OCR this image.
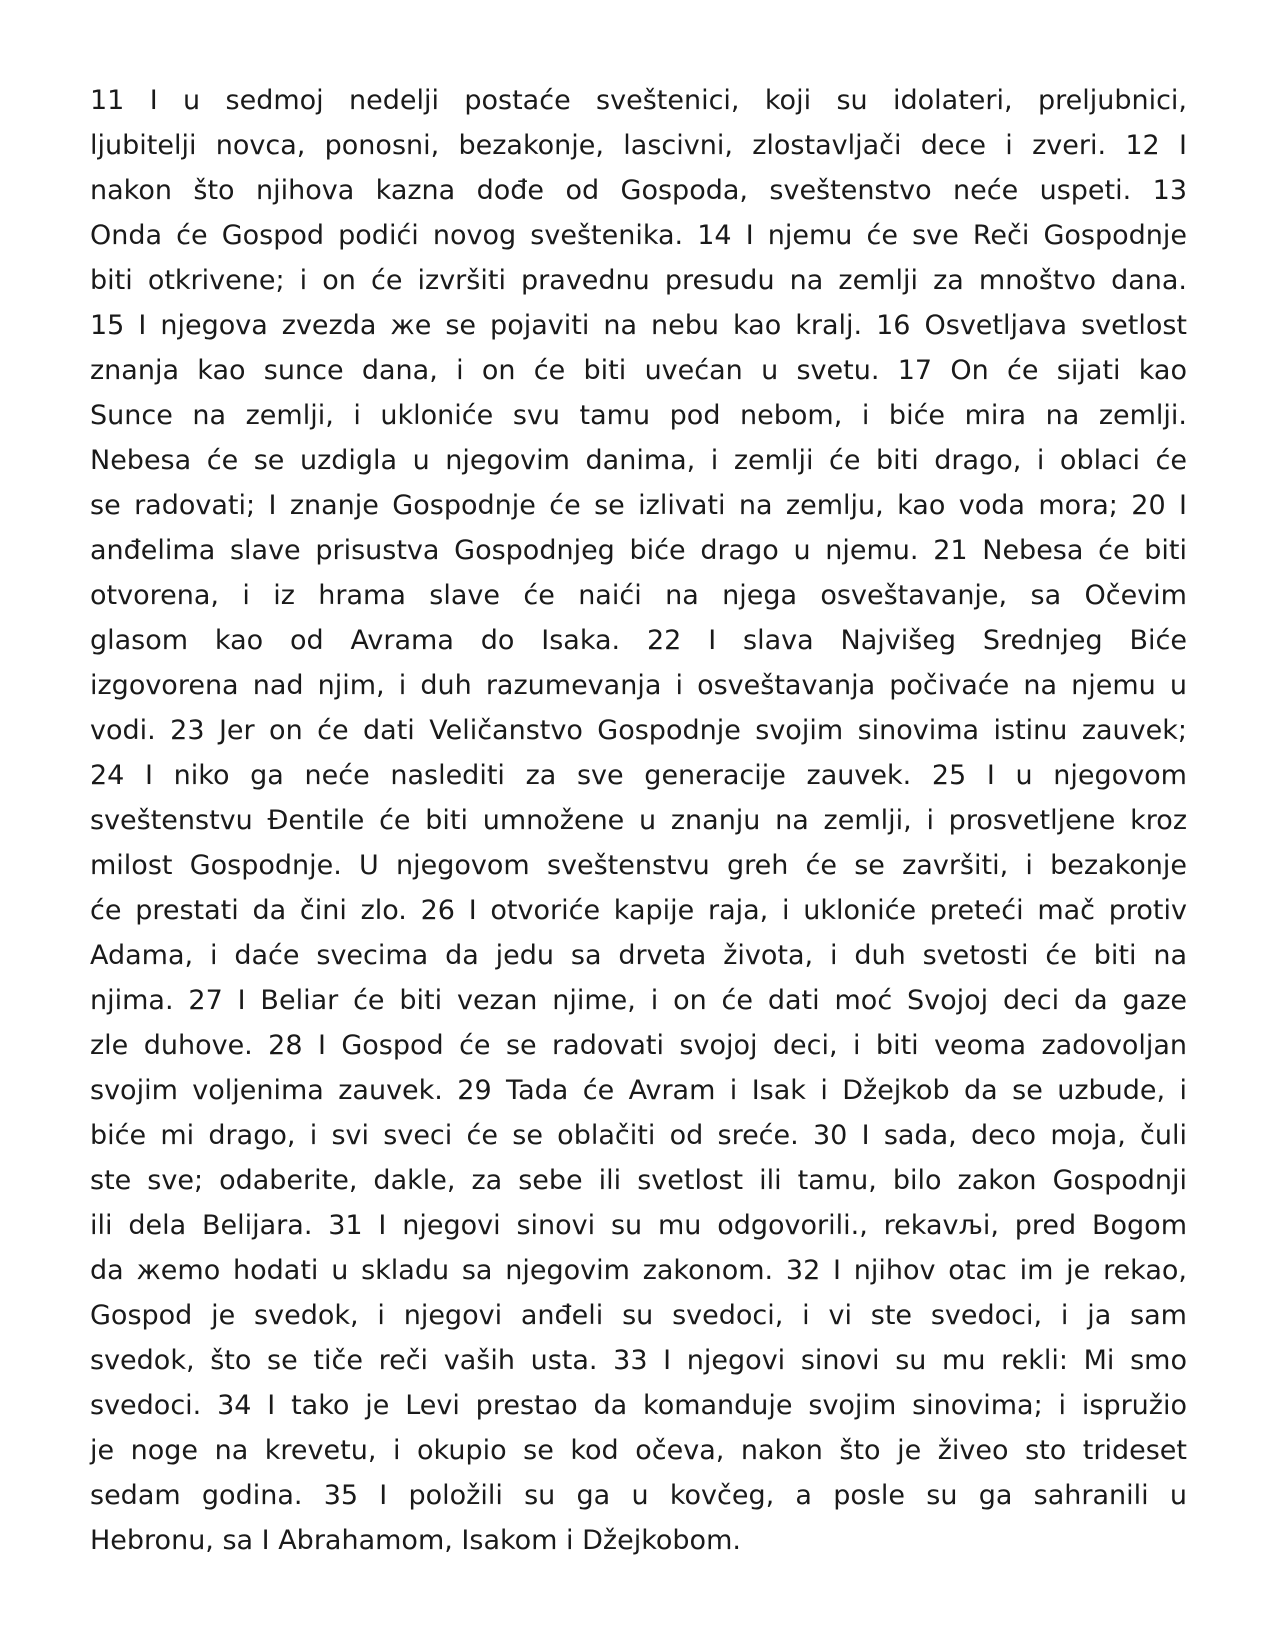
11 I u sedmoj nedelji postaće sveštenici, koji su idolateri, preljubnici,
ljubitelji novca, ponosni, bezakonje, lascivni, zlostavljači dece i zveri. 12 I
nakon što njihova kazna dođe od Gospoda, sveštenstvo neće uspeti. 13
Onda će Gospod podići novog sveštenika. 14 I njemu će sve Reči Gospodnje
biti otkrivene; i on će izvršiti pravednu presudu na zemlji za mnoštvo dana.
15 I njegova zvezda же se pojaviti na nebu kao kralj. 16 Osvetljava svetlost
znanja kao sunce dana, i on će biti uvećan u svetu. 17 On će sijati kao
Sunce na zemlji, i ukloniće svu tamu pod nebom, i biće mira na zemlji.
Nebesa će se uzdigla u njegovim danima, i zemlji će biti drago, i oblaci će
se radovati; I znanje Gospodnje će se izlivati na zemlju, kao voda mora; 20 I
anđelima slave prisustva Gospodnjeg biće drago u njemu. 21 Nebesa će biti
otvorena, i iz hrama slave će naići na njega osveštavanje, sa Očevim
glasom kao od Avrama do Isaka. 22 I slava Najvišeg Srednjeg Biće
izgovorena nad njim, i duh razumevanja i osveštavanja počivaće na njemu u
vodi. 23 Jer on će dati Veličanstvo Gospodnje svojim sinovima istinu zauvek;
24 I niko ga neće naslediti za sve generacije zauvek. 25 I u njegovom
sveštenstvu Đentile će biti umnožene u znanju na zemlji, i prosvetljene kroz
milost Gospodnje. U njegovom sveštenstvu greh će se završiti, i bezakonje
će prestati da čini zlo. 26 I otvoriće kapije raja, i ukloniće preteći mač protiv
Adama, i daće svecima da jedu sa drveta života, i duh svetosti će biti na
njima. 27 I Beliar će biti vezan njime, i on će dati moć Svojoj deci da gaze
zle duhove. 28 I Gospod će se radovati svojoj deci, i biti veoma zadovoljan
svojim voljenima zauvek. 29 Tada će Avram i Isak i Džejkob da se uzbude, i
biće mi drago, i svi sveci će se oblačiti od sreće. 30 I sada, deco moja, čuli
ste sve; odaberite, dakle, za sebe ili svetlost ili tamu, bilo zakon Gospodnji
ili dela Belijara. 31 I njegovi sinovi su mu odgovorili., rekavљi, pred Bogom
da жemo hodati u skladu sa njegovim zakonom. 32 I njihov otac im je rekao,
Gospod je svedok, i njegovi anđeli su svedoci, i vi ste svedoci, i ja sam
svedok, što se tiče reči vaših usta. 33 I njegovi sinovi su mu rekli: Mi smo
svedoci. 34 I tako je Levi prestao da komanduje svojim sinovima; i ispružio
je noge na krevetu, i okupio se kod očeva, nakon što je živeo sto trideset
sedam godina. 35 I položili su ga u kovčeg, a posle su ga sahranili u
Hebronu, sa I Abrahamom, Isakom i Džejkobom.
